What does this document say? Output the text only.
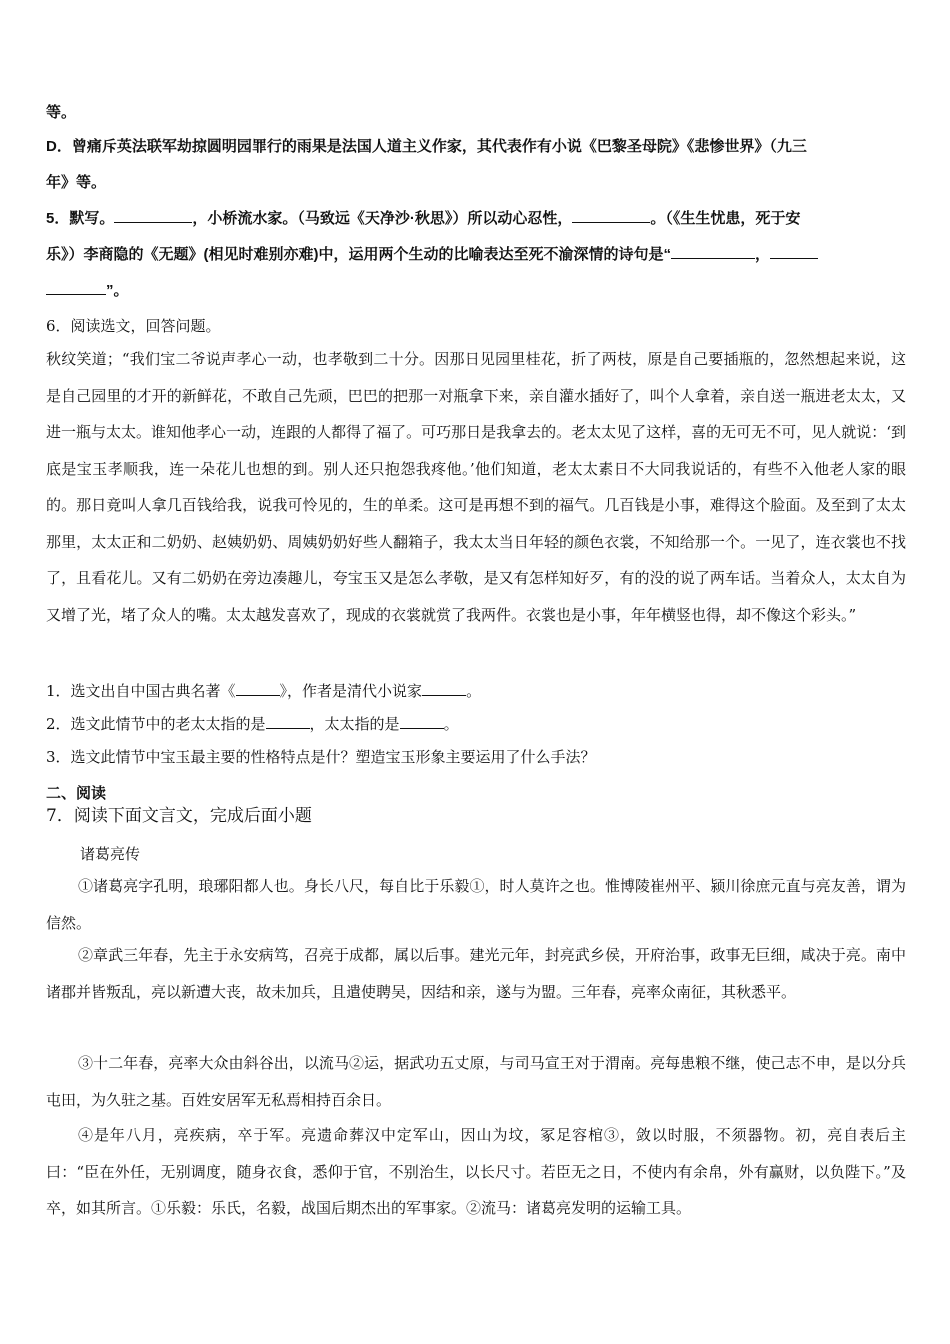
等。
D．曾痛斥英法联军劫掠圆明园罪行的雨果是法国人道主义作家，其代表作有小说《巴黎圣母院》《悲惨世界》（九三
年》等。
5．默写。	，小桥流水家。（马致远《天净沙·秋思》）所以动心忍性，	。（《生生忧患，死于安
乐》）李商隐的《无题》(相见时难别亦难)中，运用两个生动的比喻表达至死不渝深情的诗句是“	，
”。
6．阅读选文，回答问题。
秋纹笑道；“我们宝二爷说声孝心一动，也孝敬到二十分。因那日见园里桂花，折了两枝，原是自己要插瓶的，忽然想起来说，这是自己园里的才开的新鲜花，不敢自己先顽，巴巴的把那一对瓶拿下来，亲自灌水插好了，叫个人拿着，亲自送一瓶进老太太，又进一瓶与太太。谁知他孝心一动，连跟的人都得了福了。可巧那日是我拿去的。老太太见了这样，喜的无可无不可，见人就说：‘到底是宝玉孝顺我，连一朵花儿也想的到。别人还只抱怨我疼他。’他们知道，老太太素日不大同我说话的，有些不入他老人家的眼的。那日竟叫人拿几百钱给我，说我可怜见的，生的单柔。这可是再想不到的福气。几百钱是小事，难得这个脸面。及至到了太太那里，太太正和二奶奶、赵姨奶奶、周姨奶奶好些人翻箱子，我太太当日年轻的颜色衣裳，不知给那一个。一见了，连衣裳也不找了，且看花儿。又有二奶奶在旁边凑趣儿，夸宝玉又是怎么孝敬，是又有怎样知好歹，有的没的说了两车话。当着众人，太太自为又增了光，堵了众人的嘴。太太越发喜欢了，现成的衣裳就赏了我两件。衣裳也是小事，年年横竖也得，却不像这个彩头。”
1．选文出自中国古典名著《	》，作者是清代小说家	。
2．选文此情节中的老太太指的是	，太太指的是	。
3．选文此情节中宝玉最主要的性格特点是什？塑造宝玉形象主要运用了什么手法？
二、阅读
7．阅读下面文言文，完成后面小题
诸葛亮传
①诸葛亮字孔明，琅琊阳都人也。身长八尺，每自比于乐毅①，时人莫许之也。惟博陵崔州平、颍川徐庶元直与亮友善，谓为信然。
②章武三年春，先主于永安病笃，召亮于成都，属以后事。建光元年，封亮武乡侯，开府治事，政事无巨细，咸决于亮。南中诸郡并皆叛乱，亮以新遭大丧，故未加兵，且遣使聘吴，因结和亲，遂与为盟。三年春，亮率众南征，其秋悉平。
③十二年春，亮率大众由斜谷出，以流马②运，据武功五丈原，与司马宣王对于渭南。亮每患粮不继，使己志不申，是以分兵屯田，为久驻之基。百姓安居军无私焉相持百余日。
④是年八月，亮疾病，卒于军。亮遗命葬汉中定军山，因山为坟，冢足容棺③，敛以时服，不须器物。初，亮自表后主曰：“臣在外任，无别调度，随身衣食，悉仰于官，不别治生，以长尺寸。若臣无之日，不使内有余帛，外有赢财，以负陛下。”及卒，如其所言。①乐毅：乐氏，名毅，战国后期杰出的军事家。②流马：诸葛亮发明的运输工具。
